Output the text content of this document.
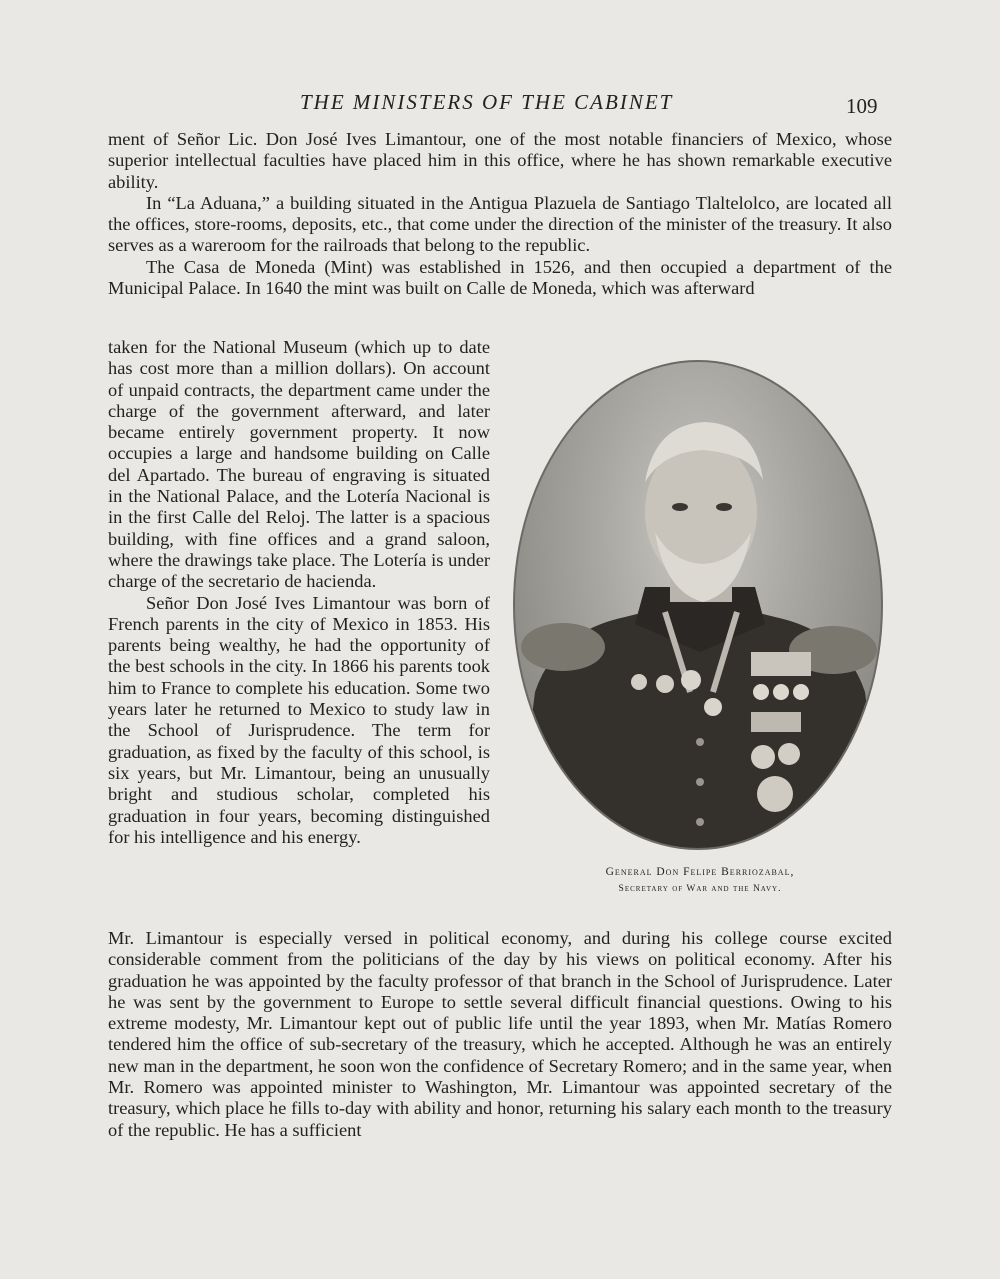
THE MINISTERS OF THE CABINET	109

ment of Señor Lic. Don José Ives Limantour, one of the most notable financiers of Mexico, whose superior intellectual faculties have placed him in this office, where he has shown remarkable executive ability.

In “La Aduana,” a building situated in the Antigua Plazuela de Santiago Tlaltelolco, are located all the offices, store-rooms, deposits, etc., that come under the direction of the minister of the treasury. It also serves as a wareroom for the railroads that belong to the republic.

The Casa de Moneda (Mint) was established in 1526, and then occupied a department of the Municipal Palace. In 1640 the mint was built on Calle de Moneda, which was afterward

taken for the National Museum (which up to date has cost more than a million dollars). On account of unpaid contracts, the department came under the charge of the government afterward, and later became entirely government property. It now occupies a large and handsome building on Calle del Apartado. The bureau of engraving is situated in the National Palace, and the Lotería Nacional is in the first Calle del Reloj. The latter is a spacious building, with fine offices and a grand saloon, where the drawings take place. The Lotería is under charge of the secretario de hacienda.

Señor Don José Ives Limantour was born of French parents in the city of Mexico in 1853. His parents being wealthy, he had the opportunity of the best schools in the city. In 1866 his parents took him to France to complete his education. Some two years later he returned to Mexico to study law in the School of Jurisprudence. The term for graduation, as fixed by the faculty of this school, is six years, but Mr. Limantour, being an unusually bright and studious scholar, completed his graduation in four years, becoming distinguished for his intelligence and his energy.

Mr. Limantour is especially versed in political economy, and during his college course excited considerable comment from the politicians of the day by his views on political economy. After his graduation he was appointed by the faculty professor of that branch in the School of Jurisprudence. Later he was sent by the government to Europe to settle several difficult financial questions. Owing to his extreme modesty, Mr. Limantour kept out of public life until the year 1893, when Mr. Matías Romero tendered him the office of sub-secretary of the treasury, which he accepted. Although he was an entirely new man in the department, he soon won the confidence of Secretary Romero; and in the same year, when Mr. Romero was appointed minister to Washington, Mr. Limantour was appointed secretary of the treasury, which place he fills to-day with ability and honor, returning his salary each month to the treasury of the republic. He has a sufficient

General Don Felipe Berriozabal,
Secretary of War and the Navy.
